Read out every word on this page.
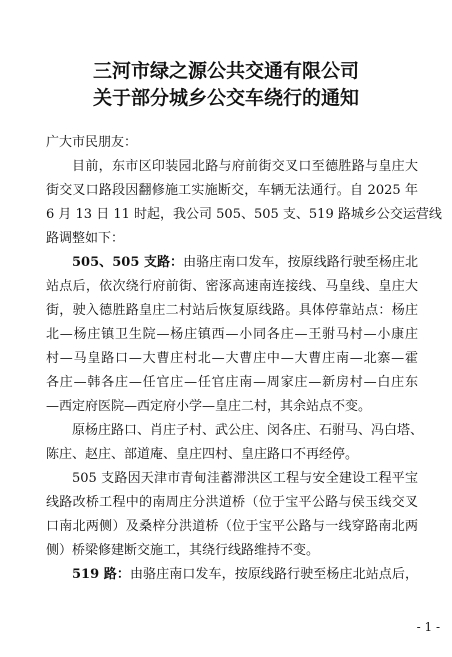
三河市绿之源公共交通有限公司
关于部分城乡公交车绕行的通知
广大市民朋友：
目前，东市区印装园北路与府前街交叉口至德胜路与皇庄大
街交叉口路段因翻修施工实施断交，车辆无法通行。自 2025 年
6 月 13 日 11 时起，我公司 505、505 支、519 路城乡公交运营线
路调整如下：
505、505 支路：由骆庄南口发车，按原线路行驶至杨庄北
站点后，依次绕行府前街、密涿高速南连接线、马皇线、皇庄大
街，驶入德胜路皇庄二村站后恢复原线路。具体停靠站点：杨庄
北—杨庄镇卫生院—杨庄镇西—小同各庄—王驸马村—小康庄
村—马皇路口—大曹庄村北—大曹庄中—大曹庄南—北寨—霍
各庄—韩各庄—任官庄—任官庄南—周家庄—新房村—白庄东
—西定府医院—西定府小学—皇庄二村，其余站点不变。
原杨庄路口、肖庄子村、武公庄、闵各庄、石驸马、冯白塔、
陈庄、赵庄、部道庵、皇庄四村、皇庄路口不再经停。
505 支路因天津市青甸洼蓄滞洪区工程与安全建设工程平宝
线路改桥工程中的南周庄分洪道桥（位于宝平公路与侯玉线交叉
口南北两侧）及桑梓分洪道桥（位于宝平公路与一线穿路南北两
侧）桥梁修建断交施工，其绕行线路维持不变。
519 路：由骆庄南口发车，按原线路行驶至杨庄北站点后，
- 1 -
